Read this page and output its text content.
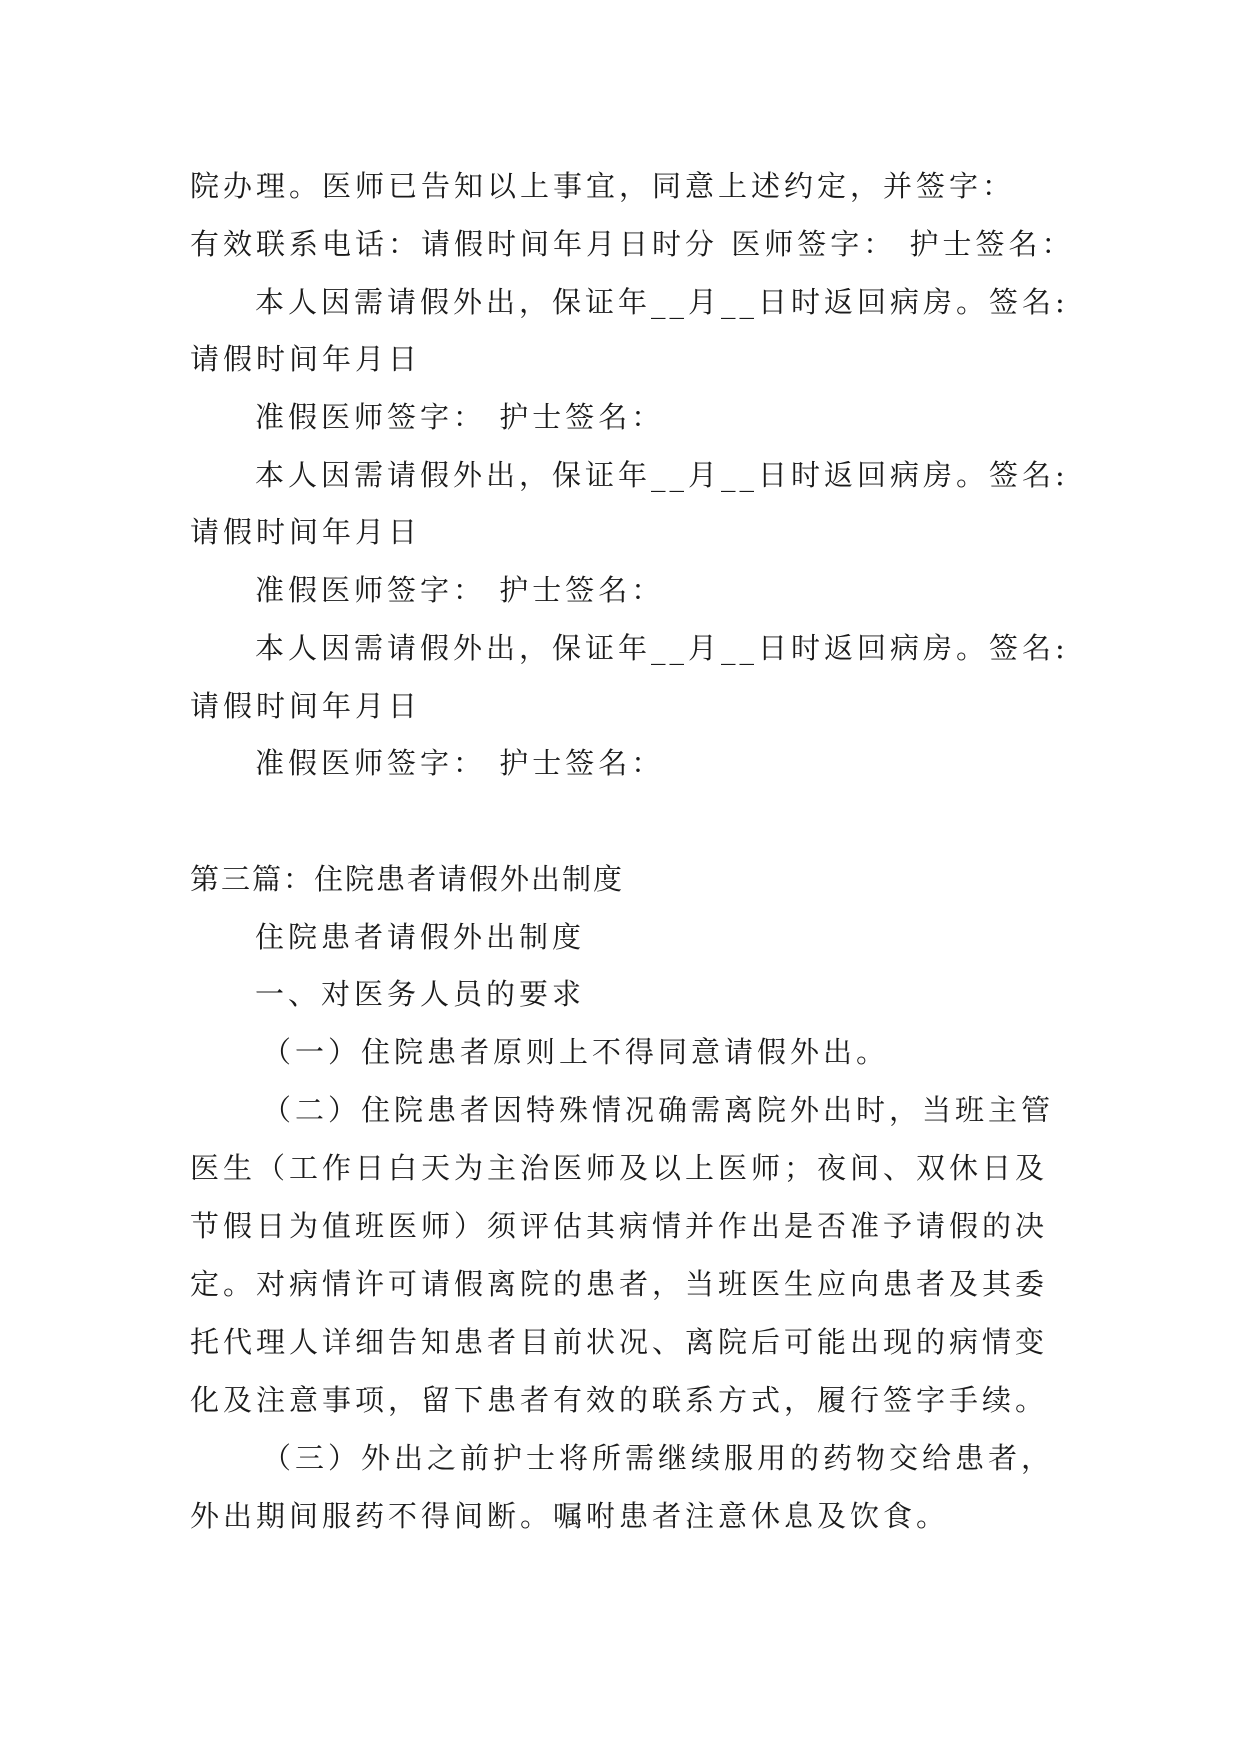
院办理。医师已告知以上事宜，同意上述约定，并签字：
有效联系电话：请假时间年月日时分 医师签字： 护士签名：
本人因需请假外出，保证年__月__日时返回病房。签名:
请假时间年月日
准假医师签字： 护士签名：
本人因需请假外出，保证年__月__日时返回病房。签名:
请假时间年月日
准假医师签字： 护士签名：
本人因需请假外出，保证年__月__日时返回病房。签名:
请假时间年月日
准假医师签字： 护士签名：
第三篇：住院患者请假外出制度
住院患者请假外出制度
一、对医务人员的要求
（一）住院患者原则上不得同意请假外出。
（二）住院患者因特殊情况确需离院外出时，当班主管
医生（工作日白天为主治医师及以上医师；夜间、双休日及
节假日为值班医师）须评估其病情并作出是否准予请假的决
定。对病情许可请假离院的患者，当班医生应向患者及其委
托代理人详细告知患者目前状况、离院后可能出现的病情变
化及注意事项，留下患者有效的联系方式，履行签字手续。
（三）外出之前护士将所需继续服用的药物交给患者，
外出期间服药不得间断。嘱咐患者注意休息及饮食。
